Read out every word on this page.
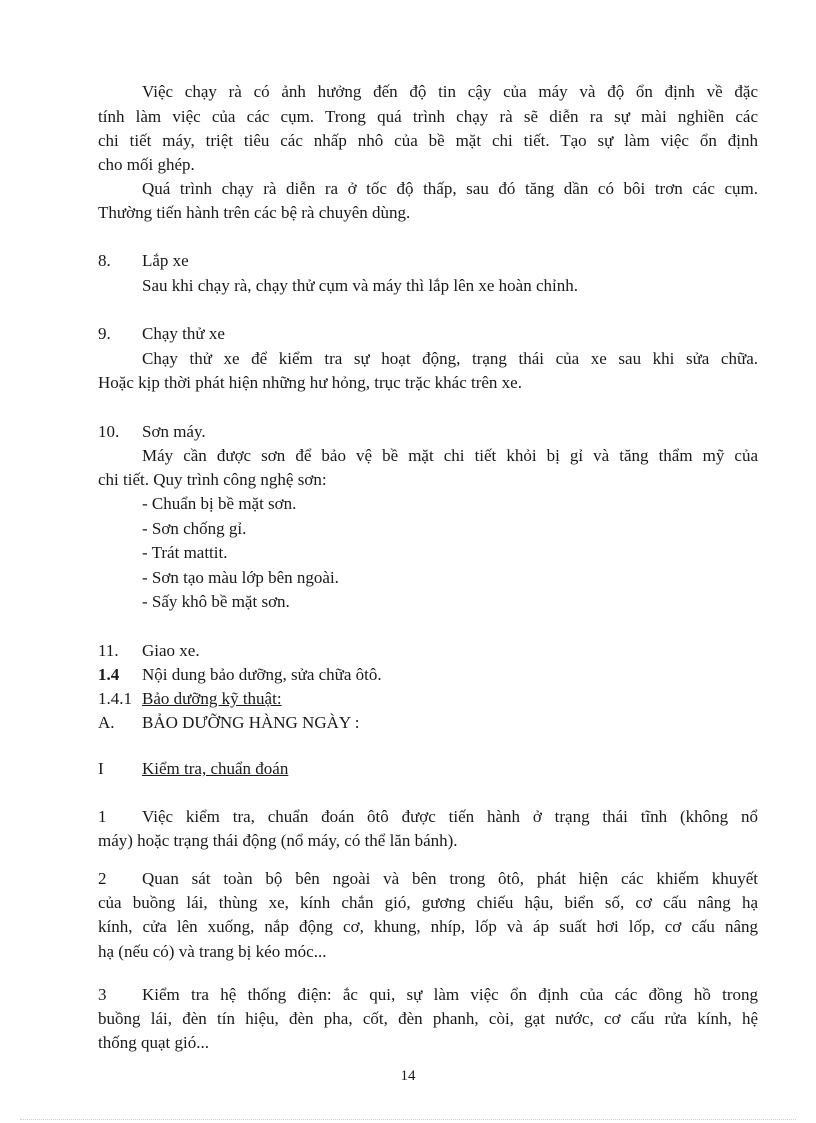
Việc chạy rà có ảnh hưởng đến độ tin cậy của máy và độ ổn định về đặc
tính làm việc của các cụm. Trong quá trình chạy rà sẽ diễn ra sự mài nghiền các
chi tiết máy, triệt tiêu các nhấp nhô của bề mặt chi tiết. Tạo sự làm việc ổn định
cho mối ghép.
Quá trình chạy rà diễn ra ở tốc độ thấp, sau đó tăng dần có bôi trơn các cụm.
Thường tiến hành trên các bệ rà chuyên dùng.
8. Lắp xe
Sau khi chạy rà, chạy thử cụm và máy thì lắp lên xe hoàn chỉnh.
9. Chạy thử xe
Chạy thử xe để kiểm tra sự hoạt động, trạng thái của xe sau khi sửa chữa.
Hoặc kịp thời phát hiện những hư hỏng, trục trặc khác trên xe.
10. Sơn máy.
Máy cần được sơn để bảo vệ bề mặt chi tiết khỏi bị gỉ và tăng thẩm mỹ của
chi tiết. Quy trình công nghệ sơn:
- Chuẩn bị bề mặt sơn.
- Sơn chống gỉ.
- Trát mattit.
- Sơn tạo màu lớp bên ngoài.
- Sấy khô bề mặt sơn.
11. Giao xe.
1.4 Nội dung bảo dưỡng, sửa chữa ôtô.
1.4.1 Bảo dưỡng kỹ thuật:
A. BẢO DƯỠNG HÀNG NGÀY :
I Kiểm tra, chuẩn đoán
1 Việc kiểm tra, chuẩn đoán ôtô được tiến hành ở trạng thái tĩnh (không nổ
máy) hoặc trạng thái động (nổ máy, có thể lăn bánh).
2 Quan sát toàn bộ bên ngoài và bên trong ôtô, phát hiện các khiếm khuyết
của buồng lái, thùng xe, kính chắn gió, gương chiếu hậu, biển số, cơ cấu nâng hạ
kính, cửa lên xuống, nắp động cơ, khung, nhíp, lốp và áp suất hơi lốp, cơ cấu nâng
hạ (nếu có) và trang bị kéo móc...
3 Kiểm tra hệ thống điện: ắc qui, sự làm việc ổn định của các đồng hồ trong
buồng lái, đèn tín hiệu, đèn pha, cốt, đèn phanh, còi, gạt nước, cơ cấu rửa kính, hệ
thống quạt gió...
14
